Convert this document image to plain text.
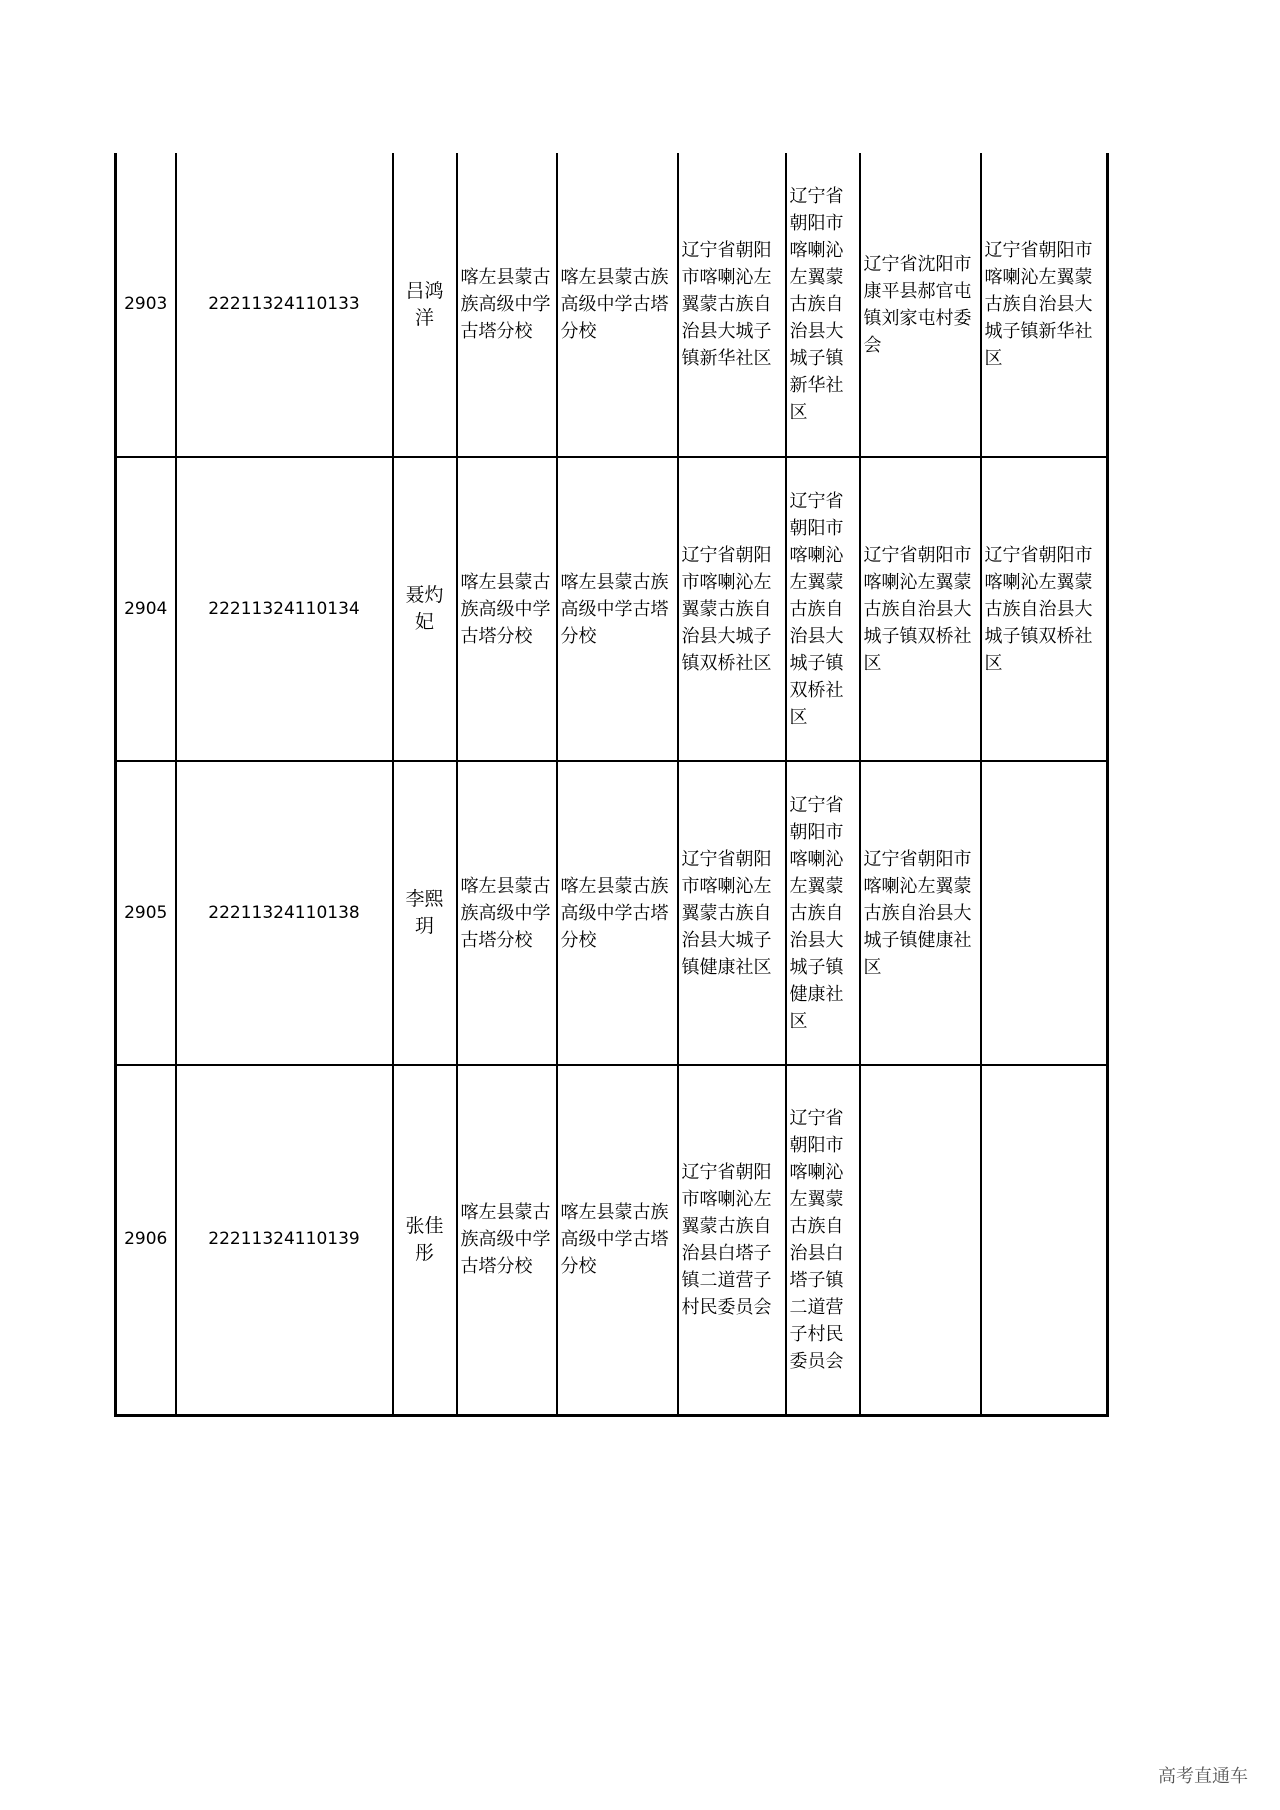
2903	22211324110133	吕鸿洋	喀左县蒙古族高级中学古塔分校	喀左县蒙古族高级中学古塔分校	辽宁省朝阳市喀喇沁左翼蒙古族自治县大城子镇新华社区	辽宁省朝阳市喀喇沁左翼蒙古族自治县大城子镇新华社区	辽宁省沈阳市康平县郝官屯镇刘家屯村委会	辽宁省朝阳市喀喇沁左翼蒙古族自治县大城子镇新华社区

2904	22211324110134	聂灼妃	喀左县蒙古族高级中学古塔分校	喀左县蒙古族高级中学古塔分校	辽宁省朝阳市喀喇沁左翼蒙古族自治县大城子镇双桥社区	辽宁省朝阳市喀喇沁左翼蒙古族自治县大城子镇双桥社区	辽宁省朝阳市喀喇沁左翼蒙古族自治县大城子镇双桥社区	辽宁省朝阳市喀喇沁左翼蒙古族自治县大城子镇双桥社区

2905	22211324110138	李熙玥	喀左县蒙古族高级中学古塔分校	喀左县蒙古族高级中学古塔分校	辽宁省朝阳市喀喇沁左翼蒙古族自治县大城子镇健康社区	辽宁省朝阳市喀喇沁左翼蒙古族自治县大城子镇健康社区	辽宁省朝阳市喀喇沁左翼蒙古族自治县大城子镇健康社区	

2906	22211324110139	张佳彤	喀左县蒙古族高级中学古塔分校	喀左县蒙古族高级中学古塔分校	辽宁省朝阳市喀喇沁左翼蒙古族自治县白塔子镇二道营子村民委员会	辽宁省朝阳市喀喇沁左翼蒙古族自治县白塔子镇二道营子村民委员会		

高考直通车
